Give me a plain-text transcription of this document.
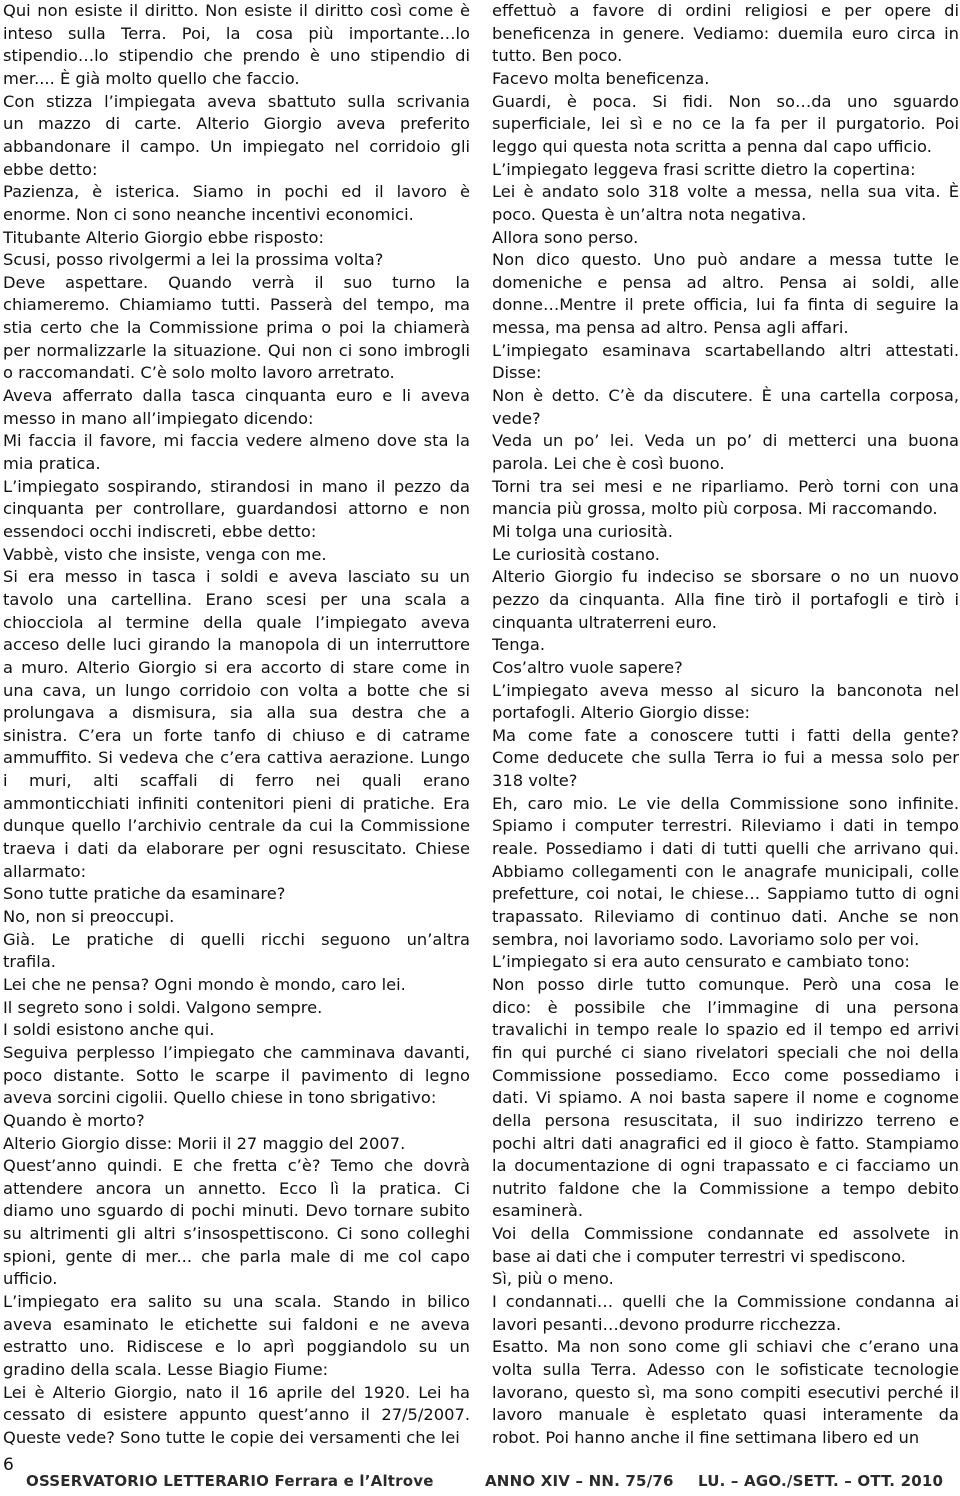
Qui non esiste il diritto. Non esiste il diritto così come è
inteso sulla Terra. Poi, la cosa più importante…lo
stipendio…lo stipendio che prendo è uno stipendio di
mer.... È già molto quello che faccio.
Con stizza l’impiegata aveva sbattuto sulla scrivania
un mazzo di carte. Alterio Giorgio aveva preferito
abbandonare il campo. Un impiegato nel corridoio gli
ebbe detto:
Pazienza, è isterica. Siamo in pochi ed il lavoro è
enorme. Non ci sono neanche incentivi economici.
Titubante Alterio Giorgio ebbe risposto:
Scusi, posso rivolgermi a lei la prossima volta?
Deve aspettare. Quando verrà il suo turno la
chiameremo. Chiamiamo tutti. Passerà del tempo, ma
stia certo che la Commissione prima o poi la chiamerà
per normalizzarle la situazione. Qui non ci sono imbrogli
o raccomandati. C’è solo molto lavoro arretrato.
Aveva afferrato dalla tasca cinquanta euro e li aveva
messo in mano all’impiegato dicendo:
Mi faccia il favore, mi faccia vedere almeno dove sta la
mia pratica.
L’impiegato sospirando, stirandosi in mano il pezzo da
cinquanta per controllare, guardandosi attorno e non
essendoci occhi indiscreti, ebbe detto:
Vabbè, visto che insiste, venga con me.
Si era messo in tasca i soldi e aveva lasciato su un
tavolo una cartellina. Erano scesi per una scala a
chiocciola al termine della quale l’impiegato aveva
acceso delle luci girando la manopola di un interruttore
a muro. Alterio Giorgio si era accorto di stare come in
una cava, un lungo corridoio con volta a botte che si
prolungava a dismisura, sia alla sua destra che a
sinistra. C’era un forte tanfo di chiuso e di catrame
ammuffito. Si vedeva che c’era cattiva aerazione. Lungo
i muri, alti scaffali di ferro nei quali erano
ammonticchiati infiniti contenitori pieni di pratiche. Era
dunque quello l’archivio centrale da cui la Commissione
traeva i dati da elaborare per ogni resuscitato. Chiese
allarmato:
Sono tutte pratiche da esaminare?
No, non si preoccupi.
Già. Le pratiche di quelli ricchi seguono un’altra
trafila.
Lei che ne pensa? Ogni mondo è mondo, caro lei.
Il segreto sono i soldi. Valgono sempre.
I soldi esistono anche qui.
Seguiva perplesso l’impiegato che camminava davanti,
poco distante. Sotto le scarpe il pavimento di legno
aveva sorcini cigolii. Quello chiese in tono sbrigativo:
Quando è morto?
Alterio Giorgio disse: Morii il 27 maggio del 2007.
Quest’anno quindi. E che fretta c’è? Temo che dovrà
attendere ancora un annetto. Ecco lì la pratica. Ci
diamo uno sguardo di pochi minuti. Devo tornare subito
su altrimenti gli altri s’insospettiscono. Ci sono colleghi
spioni, gente di mer... che parla male di me col capo
ufficio.
L’impiegato era salito su una scala. Stando in bilico
aveva esaminato le etichette sui faldoni e ne aveva
estratto uno. Ridiscese e lo aprì poggiandolo su un
gradino della scala. Lesse Biagio Fiume:
Lei è Alterio Giorgio, nato il 16 aprile del 1920. Lei ha
cessato di esistere appunto quest’anno il 27/5/2007.
Queste vede? Sono tutte le copie dei versamenti che lei
effettuò a favore di ordini religiosi e per opere di
beneficenza in genere. Vediamo: duemila euro circa in
tutto. Ben poco.
Facevo molta beneficenza.
Guardi, è poca. Si fidi. Non so…da uno sguardo
superficiale, lei sì e no ce la fa per il purgatorio. Poi
leggo qui questa nota scritta a penna dal capo ufficio.
L’impiegato leggeva frasi scritte dietro la copertina:
Lei è andato solo 318 volte a messa, nella sua vita. È
poco. Questa è un’altra nota negativa.
Allora sono perso.
Non dico questo. Uno può andare a messa tutte le
domeniche e pensa ad altro. Pensa ai soldi, alle
donne…Mentre il prete officia, lui fa finta di seguire la
messa, ma pensa ad altro. Pensa agli affari.
L’impiegato esaminava scartabellando altri attestati.
Disse:
Non è detto. C’è da discutere. È una cartella corposa,
vede?
Veda un po’ lei. Veda un po’ di metterci una buona
parola. Lei che è così buono.
Torni tra sei mesi e ne riparliamo. Però torni con una
mancia più grossa, molto più corposa. Mi raccomando.
Mi tolga una curiosità.
Le curiosità costano.
Alterio Giorgio fu indeciso se sborsare o no un nuovo
pezzo da cinquanta. Alla fine tirò il portafogli e tirò i
cinquanta ultraterreni euro.
Tenga.
Cos’altro vuole sapere?
L’impiegato aveva messo al sicuro la banconota nel
portafogli. Alterio Giorgio disse:
Ma come fate a conoscere tutti i fatti della gente?
Come deducete che sulla Terra io fui a messa solo per
318 volte?
Eh, caro mio. Le vie della Commissione sono infinite.
Spiamo i computer terrestri. Rileviamo i dati in tempo
reale. Possediamo i dati di tutti quelli che arrivano qui.
Abbiamo collegamenti con le anagrafe municipali, colle
prefetture, coi notai, le chiese… Sappiamo tutto di ogni
trapassato. Rileviamo di continuo dati. Anche se non
sembra, noi lavoriamo sodo. Lavoriamo solo per voi.
L’impiegato si era auto censurato e cambiato tono:
Non posso dirle tutto comunque. Però una cosa le
dico: è possibile che l’immagine di una persona
travalichi in tempo reale lo spazio ed il tempo ed arrivi
fin qui purché ci siano rivelatori speciali che noi della
Commissione possediamo. Ecco come possediamo i
dati. Vi spiamo. A noi basta sapere il nome e cognome
della persona resuscitata, il suo indirizzo terreno e
pochi altri dati anagrafici ed il gioco è fatto. Stampiamo
la documentazione di ogni trapassato e ci facciamo un
nutrito faldone che la Commissione a tempo debito
esaminerà.
Voi della Commissione condannate ed assolvete in
base ai dati che i computer terrestri vi spediscono.
Sì, più o meno.
I condannati… quelli che la Commissione condanna ai
lavori pesanti…devono produrre ricchezza.
Esatto. Ma non sono come gli schiavi che c’erano una
volta sulla Terra. Adesso con le sofisticate tecnologie
lavorano, questo sì, ma sono compiti esecutivi perché il
lavoro manuale è espletato quasi interamente da
robot. Poi hanno anche il fine settimana libero ed un
6
OSSERVATORIO LETTERARIO Ferrara e l’Altrove	ANNO XIV – NN. 75/76 LU. – AGO./SETT. – OTT. 2010
